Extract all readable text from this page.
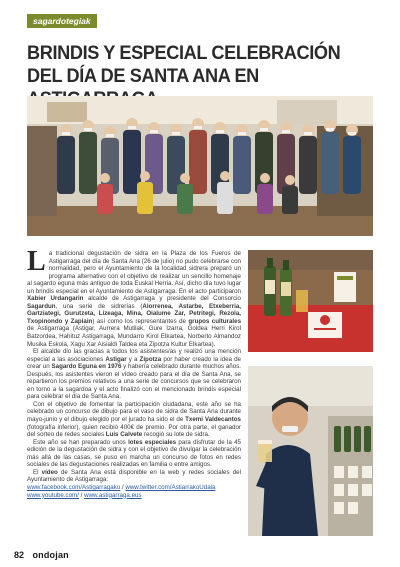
sagardotegiak
BRINDIS Y ESPECIAL CELEBRACIÓN DEL DÍA DE SANTA ANA EN

La tradicional degustación de sidra en la Plaza de los Fueros de Astigarraga del día de Santa Ana (26 de julio) no pudo celebrarse con normalidad, pero el Ayuntamiento de la localidad sidrera preparó un programa alternativo con el objetivo de realizar un sencillo homenaje al sagardo egunа más antiguo de toda Euskal Herria. Así, dicho día tuvo lugar un brindis especial en el Ayuntamiento de Astigarraga. En el acto participaron Xabier Urdangarin alcalde de Astigarraga y presidente del Consorcio Sagardun, una serie de sidrerías (Alorrenea, Astarbe, Etxeberria, Gartziategi, Gurutzeta, Lizeaga, Mina, Oialume Zar, Petritegi, Rezola, Txopinondo y Zapiain) así como los representantes de grupos culturales de Astigarraga (Astigar, Aurrera Mutilak, Gure Izarra, Goldea Herri Kirol Batzordea, Hahituz Astigarraga, Mundarro Kirol Elkartea, Norberto Almandoz Musika Eskola, Xagu Xar Aisialdi Taldea eta Zipotza Kultur Elkartea).

El alcalde dio las gracias a todos los asistentes/as y realizó una mención especial a las asociaciones Astigar y a Zipotza por haber creado la idea de crear un Sagardo Eguna en 1976 y habería celebrado durante muchos años. Después, los asistentes vieron el vídeo creado para el día de Santa Ana, se repartieron los premios relativos a una serie de concursos que se celebraron en torno a la sagardoa y el acto finalizó con el mencionado brindis especial para celebrar el día de Santa Ana.

Con el objetivo de fomentar la participación ciudadana, este año se ha celebrado un concurso de dibujo para el vaso de sidra de Santa Ana durante mayo-junio y el dibujo elegido por el jurado ha sido el de Txemi Valdecantos (fotografía inferior), quien recibió 400€ de premio. Por otra parte, el ganador del sorteo de redes sociales Luis Calvete recogió su lote de sidra.

Este año se han preparado unos lotes especiales para disfrutar de la 45 edición de la degustación de sidra y con el objetivo de divulgar la celebración más allá de las casas, se puso en marcha un concurso de fotos en redes sociales de las degustaciones realizadas en familia o entre amigos.

El vídeo de Santa Ana está disponible en la web y redes sociales del Ayuntamiento de Astigarraga:
www.facebook.com/Astigarragako / www.twitter.com/AstiarrakoUdala
www.youtube.com/ / www.astigarraga.eus

82 ondojan
